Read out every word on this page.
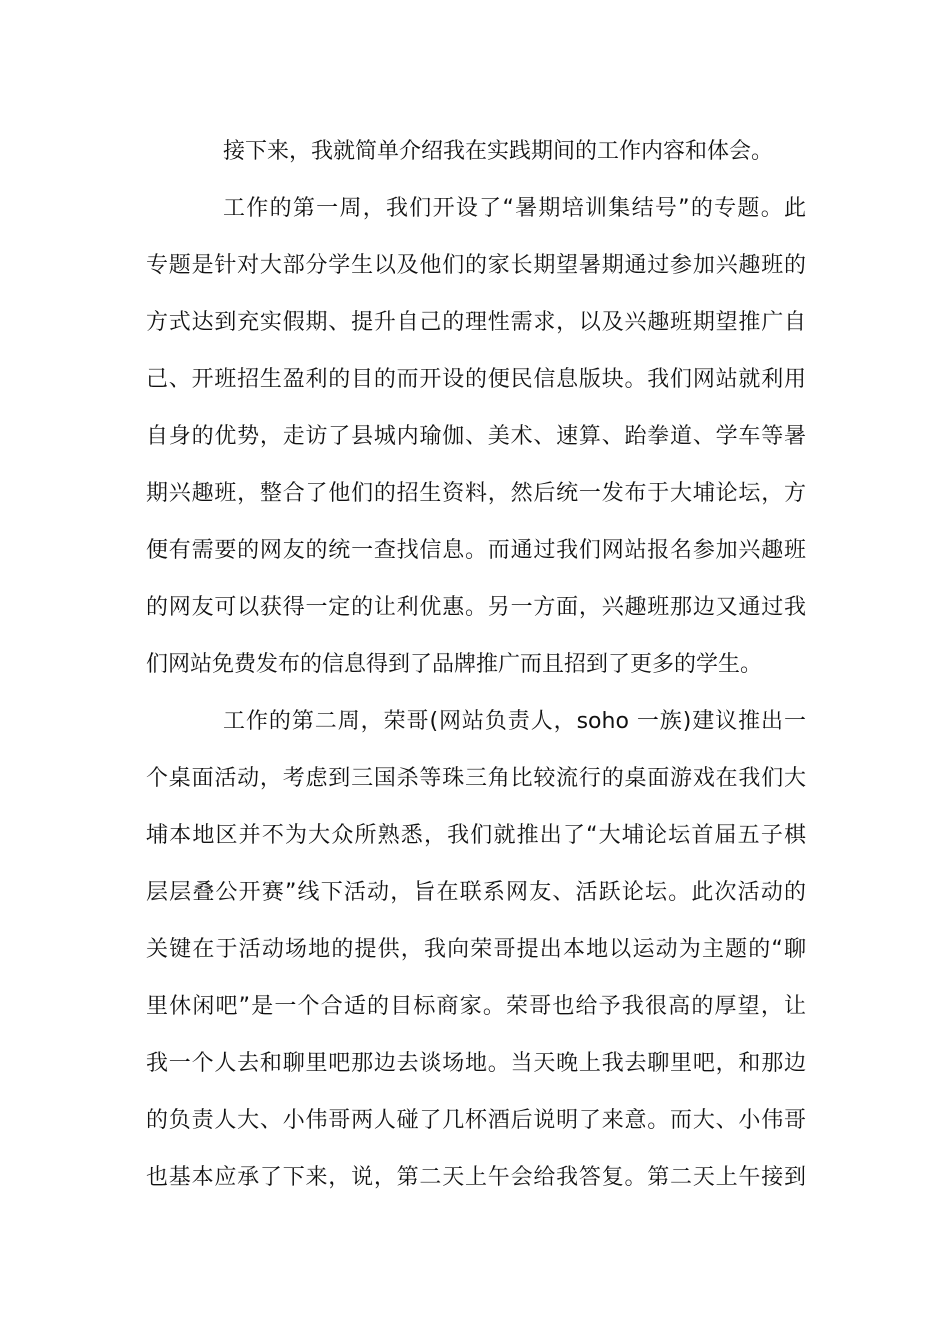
接下来，我就简单介绍我在实践期间的工作内容和体会。
工作的第一周，我们开设了“暑期培训集结号”的专题。此
专题是针对大部分学生以及他们的家长期望暑期通过参加兴趣班的
方式达到充实假期、提升自己的理性需求，以及兴趣班期望推广自
己、开班招生盈利的目的而开设的便民信息版块。我们网站就利用
自身的优势，走访了县城内瑜伽、美术、速算、跆拳道、学车等暑
期兴趣班，整合了他们的招生资料，然后统一发布于大埔论坛，方
便有需要的网友的统一查找信息。而通过我们网站报名参加兴趣班
的网友可以获得一定的让利优惠。另一方面，兴趣班那边又通过我
们网站免费发布的信息得到了品牌推广而且招到了更多的学生。
工作的第二周，荣哥(网站负责人，soho 一族)建议推出一
个桌面活动，考虑到三国杀等珠三角比较流行的桌面游戏在我们大
埔本地区并不为大众所熟悉，我们就推出了“大埔论坛首届五子棋
层层叠公开赛”线下活动，旨在联系网友、活跃论坛。此次活动的
关键在于活动场地的提供，我向荣哥提出本地以运动为主题的“聊
里休闲吧”是一个合适的目标商家。荣哥也给予我很高的厚望，让
我一个人去和聊里吧那边去谈场地。当天晚上我去聊里吧，和那边
的负责人大、小伟哥两人碰了几杯酒后说明了来意。而大、小伟哥
也基本应承了下来，说，第二天上午会给我答复。第二天上午接到
